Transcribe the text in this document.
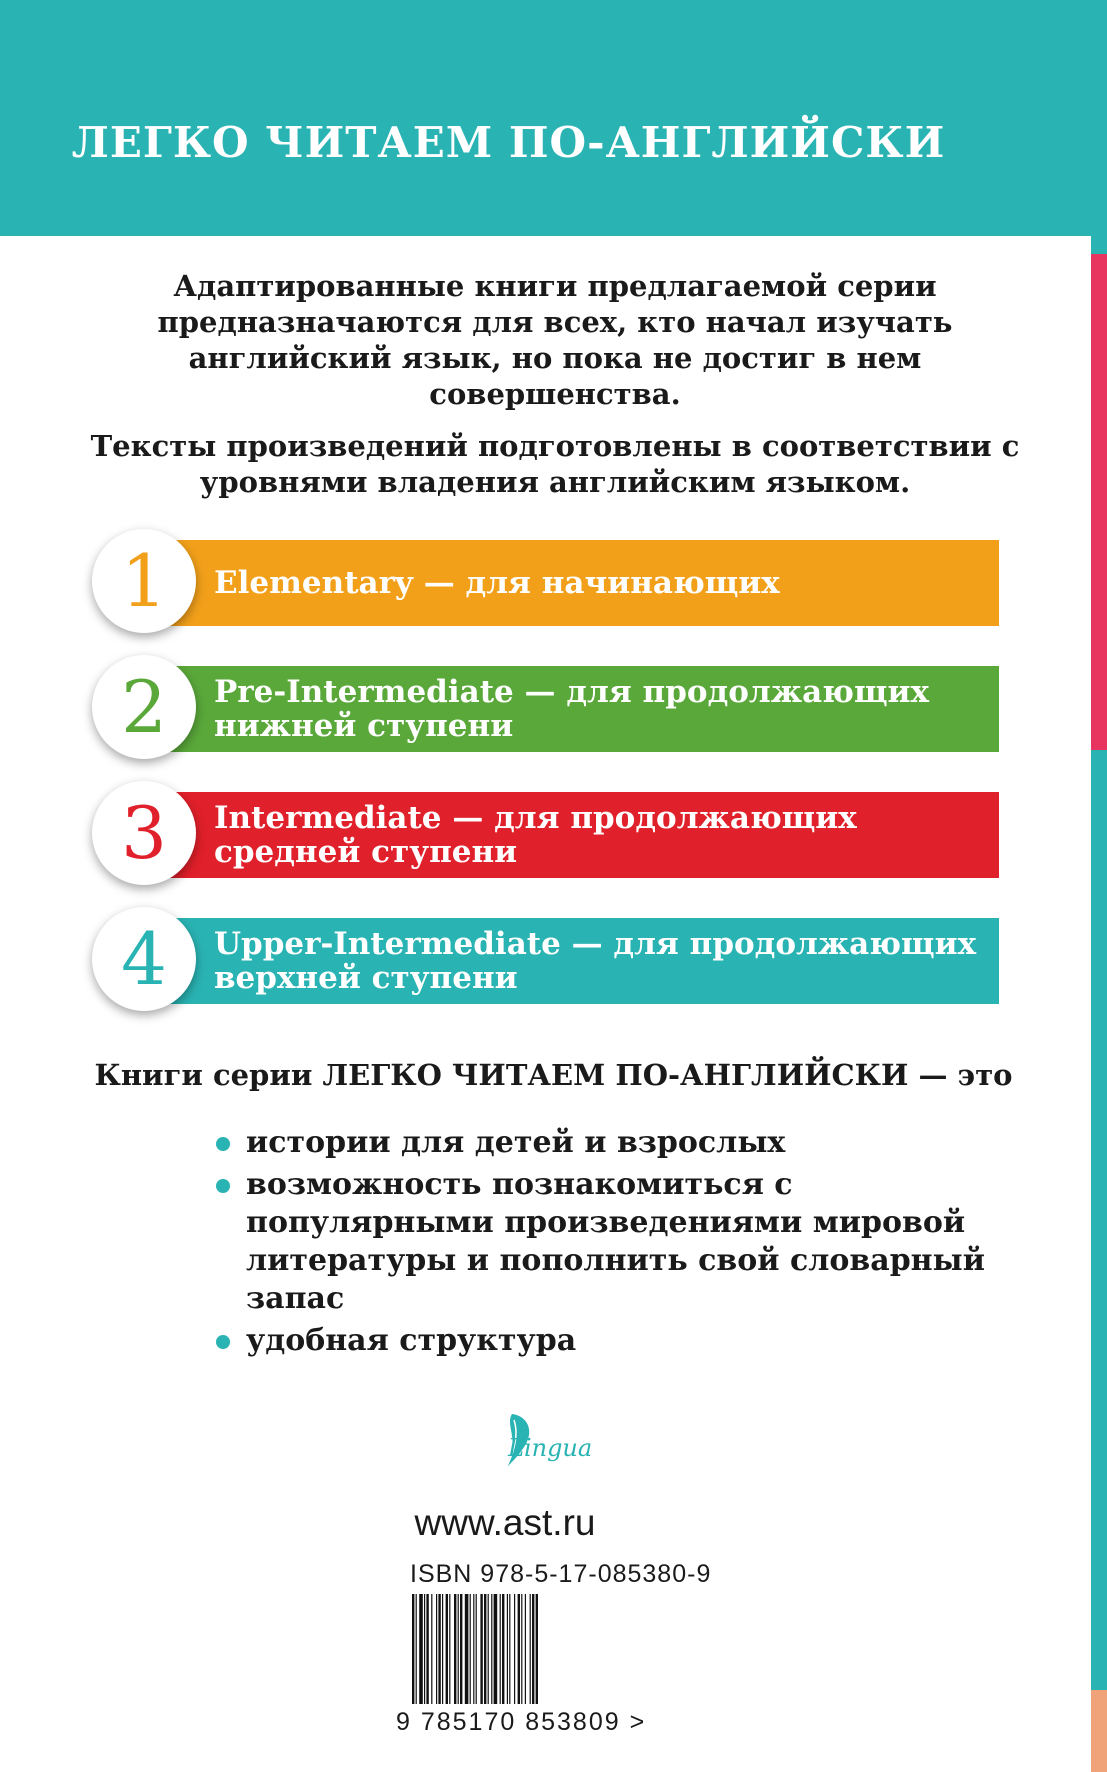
ЛЕГКО ЧИТАЕМ ПО-АНГЛИЙСКИ

Адаптированные книги предлагаемой серии предназначаются для всех, кто начал изучать английский язык, но пока не достиг в нем совершенства.

Тексты произведений подготовлены в соответствии с уровнями владения английским языком.

Elementary — для начинающих
1
Pre-Intermediate — для продолжающих
нижней ступени
2
Intermediate — для продолжающих
средней ступени
3
Upper-Intermediate — для продолжающих
верхней ступени
4
Книги серии ЛЕГКО ЧИТАЕМ ПО-АНГЛИЙСКИ — это
истории для детей и взрослых
возможность познакомиться с популярными произведениями мировой литературы и пополнить свой словарный запас
удобная структура
Lingua
www.ast.ru
ISBN 978-5-17-085380-9
9 785170 853809 >
